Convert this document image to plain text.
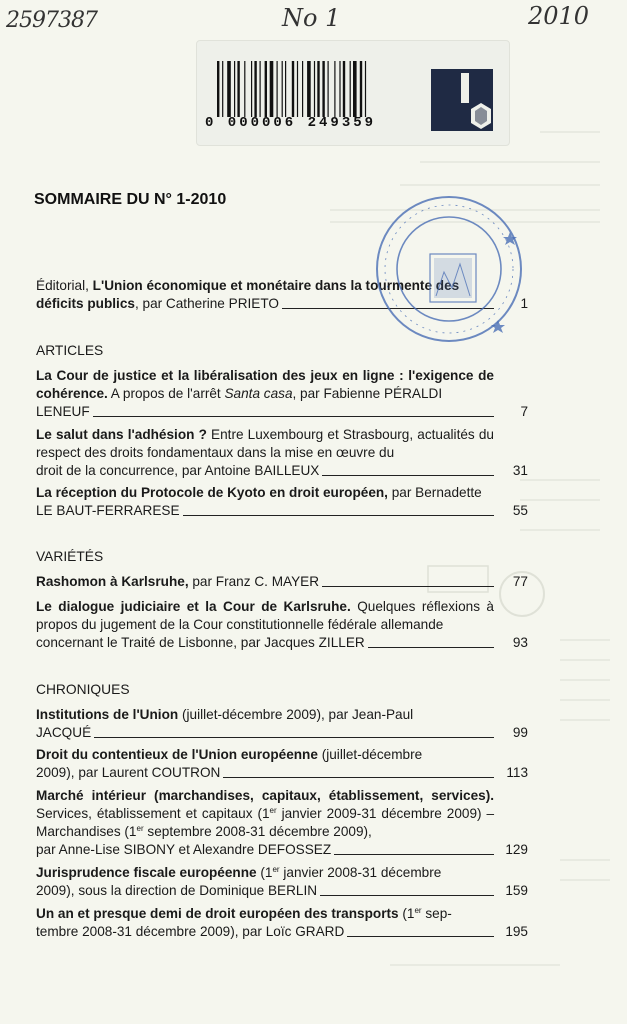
2597387	No 1	2010
0 000006 249359
SOMMAIRE DU N° 1-2010
Éditorial, L'Union économique et monétaire dans la tourmente des
déficits publics, par Catherine PRIETO	1
ARTICLES
La Cour de justice et la libéralisation des jeux en ligne : l'exigence de cohérence. A propos de l'arrêt Santa casa, par Fabienne PÉRALDI
LENEUF	7
Le salut dans l'adhésion ? Entre Luxembourg et Strasbourg, actualités du respect des droits fondamentaux dans la mise en œuvre du
droit de la concurrence, par Antoine BAILLEUX	31
La réception du Protocole de Kyoto en droit européen, par Bernadette
LE BAUT-FERRARESE	55
VARIÉTÉS
Rashomon à Karlsruhe, par Franz C. MAYER	77
Le dialogue judiciaire et la Cour de Karlsruhe. Quelques réflexions à propos du jugement de la Cour constitutionnelle fédérale allemande
concernant le Traité de Lisbonne, par Jacques ZILLER	93
CHRONIQUES
Institutions de l'Union (juillet-décembre 2009), par Jean-Paul
JACQUÉ	99
Droit du contentieux de l'Union européenne (juillet-décembre
2009), par Laurent COUTRON	113
Marché intérieur (marchandises, capitaux, établissement, services). Services, établissement et capitaux (1er janvier 2009-31 décembre 2009) – Marchandises (1er septembre 2008-31 décembre 2009),
par Anne-Lise SIBONY et Alexandre DEFOSSEZ	129
Jurisprudence fiscale européenne (1er janvier 2008-31 décembre
2009), sous la direction de Dominique BERLIN	159
Un an et presque demi de droit européen des transports (1er sep-
tembre 2008-31 décembre 2009), par Loïc GRARD	195
